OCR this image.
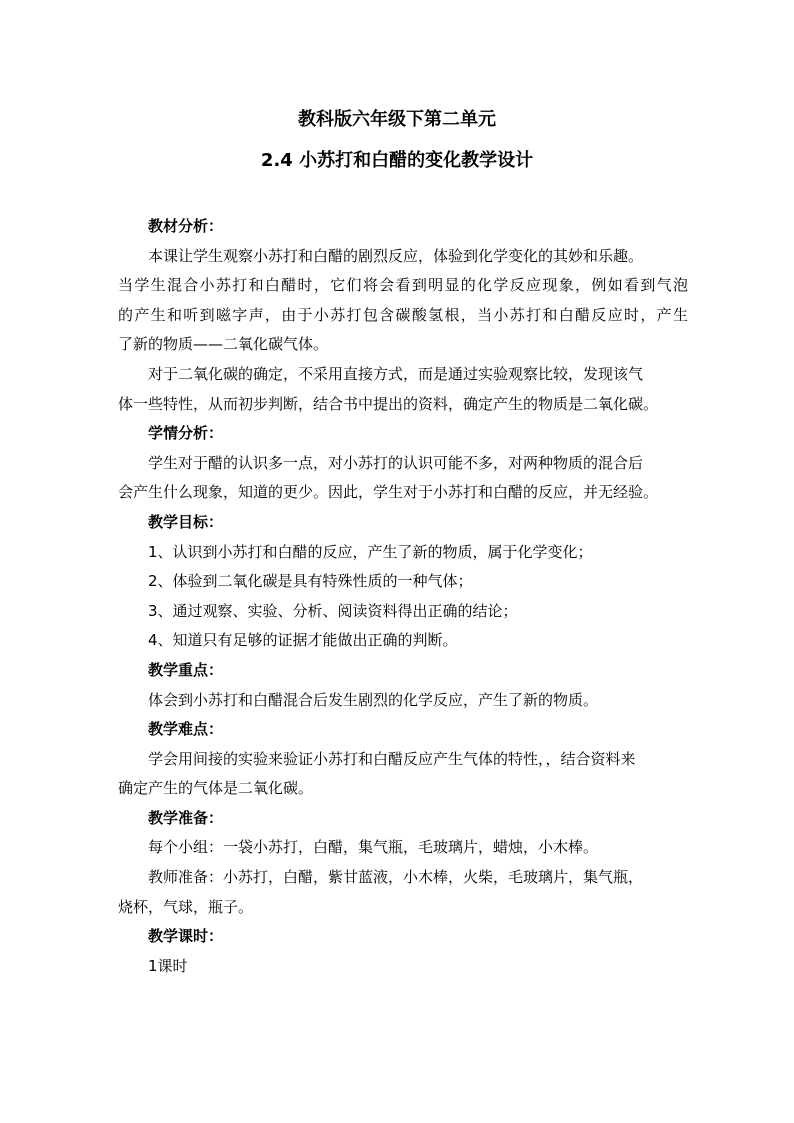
教科版六年级下第二单元
2.4 小苏打和白醋的变化教学设计
教材分析：
本课让学生观察小苏打和白醋的剧烈反应，体验到化学变化的其妙和乐趣。
当学生混合小苏打和白醋时，它们将会看到明显的化学反应现象，例如看到气泡
的产生和听到嗞字声，由于小苏打包含碳酸氢根，当小苏打和白醋反应时，产生
了新的物质——二氧化碳气体。
对于二氧化碳的确定，不采用直接方式，而是通过实验观察比较，发现该气
体一些特性，从而初步判断，结合书中提出的资料，确定产生的物质是二氧化碳。
学情分析：
学生对于醋的认识多一点，对小苏打的认识可能不多，对两种物质的混合后
会产生什么现象，知道的更少。因此，学生对于小苏打和白醋的反应，并无经验。
教学目标：
1、认识到小苏打和白醋的反应，产生了新的物质，属于化学变化；
2、体验到二氧化碳是具有特殊性质的一种气体；
3、通过观察、实验、分析、阅读资料得出正确的结论；
4、知道只有足够的证据才能做出正确的判断。
教学重点：
体会到小苏打和白醋混合后发生剧烈的化学反应，产生了新的物质。
教学难点：
学会用间接的实验来验证小苏打和白醋反应产生气体的特性，，结合资料来
确定产生的气体是二氧化碳。
教学准备：
每个小组：一袋小苏打，白醋，集气瓶，毛玻璃片，蜡烛，小木棒。
教师准备：小苏打，白醋，紫甘蓝液，小木棒，火柴，毛玻璃片，集气瓶，
烧杯，气球，瓶子。
教学课时：
1课时
